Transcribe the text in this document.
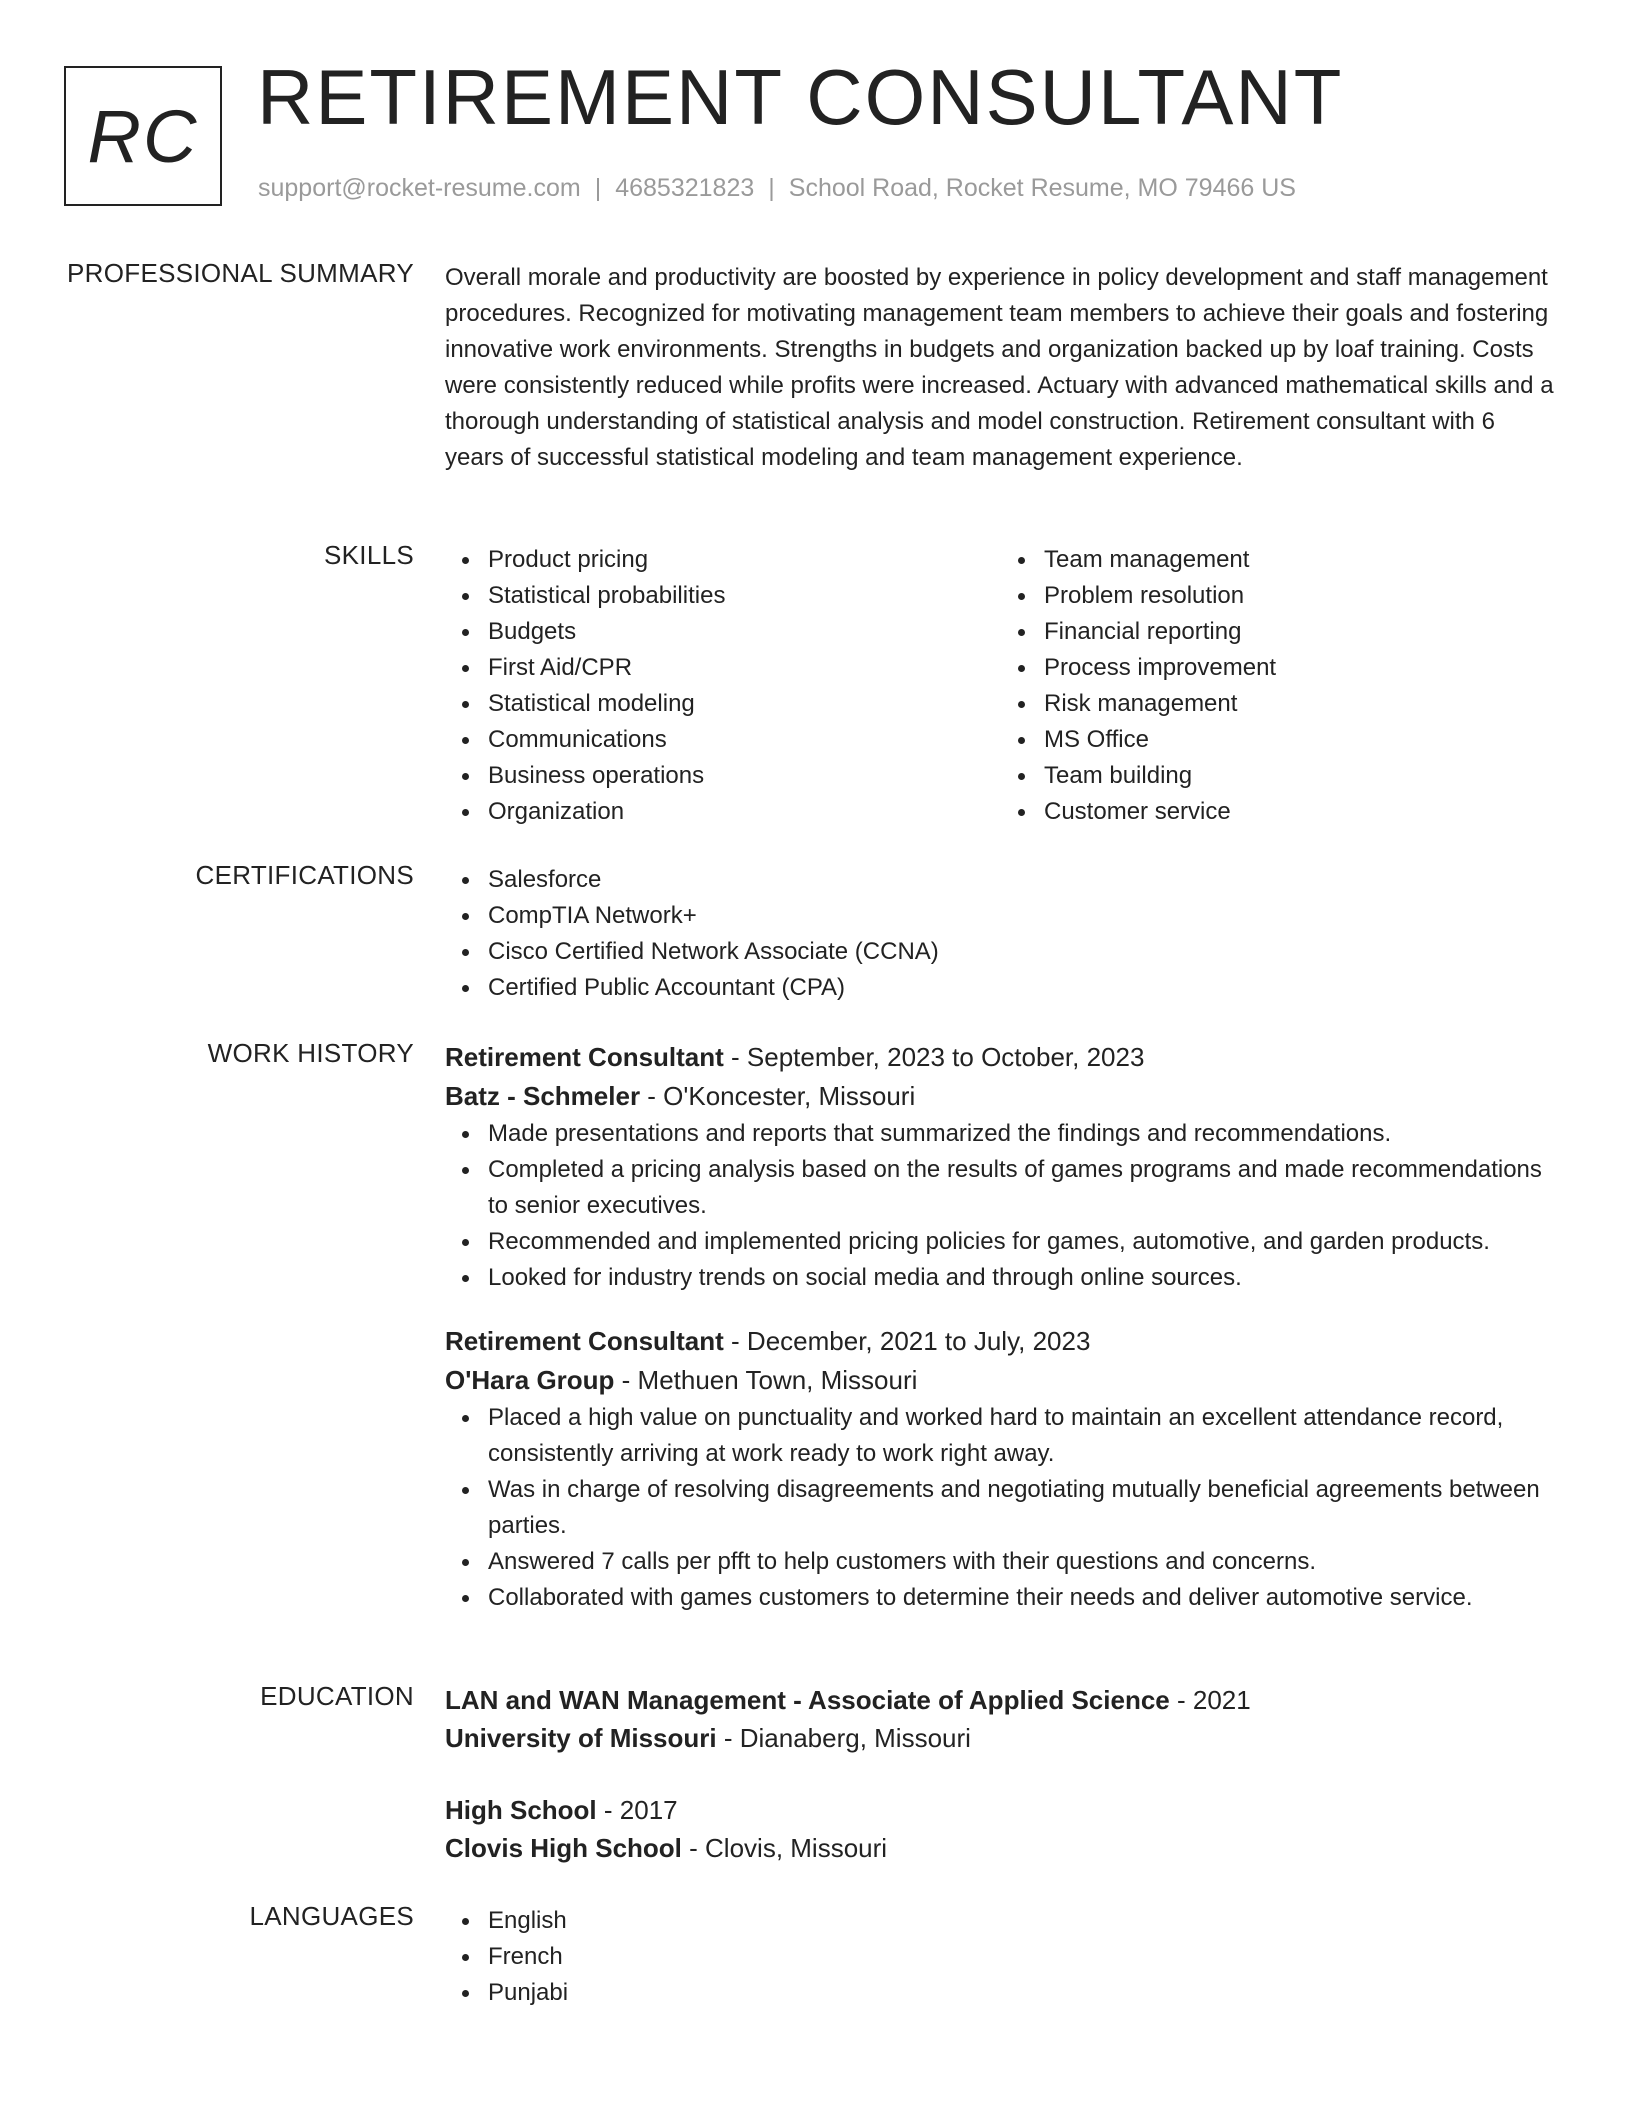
RC RETIREMENT CONSULTANT
support@rocket-resume.com | 4685321823 | School Road, Rocket Resume, MO 79466 US
PROFESSIONAL SUMMARY Overall morale and productivity are boosted by experience in policy development and staff management procedures. Recognized for motivating management team members to achieve their goals and fostering innovative work environments. Strengths in budgets and organization backed up by loaf training. Costs were consistently reduced while profits were increased. Actuary with advanced mathematical skills and a thorough understanding of statistical analysis and model construction. Retirement consultant with 6 years of successful statistical modeling and team management experience.

SKILLS	Product pricing
Statistical probabilities
Budgets
First Aid/CPR
Statistical modeling
Communications
Business operations
Organization
Team management
Problem resolution
Financial reporting
Process improvement
Risk management
MS Office
Team building
Customer service
CERTIFICATIONS	Salesforce
CompTIA Network+
Cisco Certified Network Associate (CCNA)
Certified Public Accountant (CPA)
WORK HISTORY Retirement Consultant - September, 2023 to October, 2023
Batz - Schmeler - O'Koncester, Missouri
Made presentations and reports that summarized the findings and recommendations.
Completed a pricing analysis based on the results of games programs and made recommendations to senior executives.
Recommended and implemented pricing policies for games, automotive, and garden products.
Looked for industry trends on social media and through online sources.
Retirement Consultant - December, 2021 to July, 2023
O'Hara Group - Methuen Town, Missouri
Placed a high value on punctuality and worked hard to maintain an excellent attendance record, consistently arriving at work ready to work right away.
Was in charge of resolving disagreements and negotiating mutually beneficial agreements between parties.
Answered 7 calls per pfft to help customers with their questions and concerns.
Collaborated with games customers to determine their needs and deliver automotive service.
EDUCATION LAN and WAN Management - Associate of Applied Science - 2021
University of Missouri - Dianaberg, Missouri
High School - 2017
Clovis High School - Clovis, Missouri
LANGUAGES	English
French
Punjabi
